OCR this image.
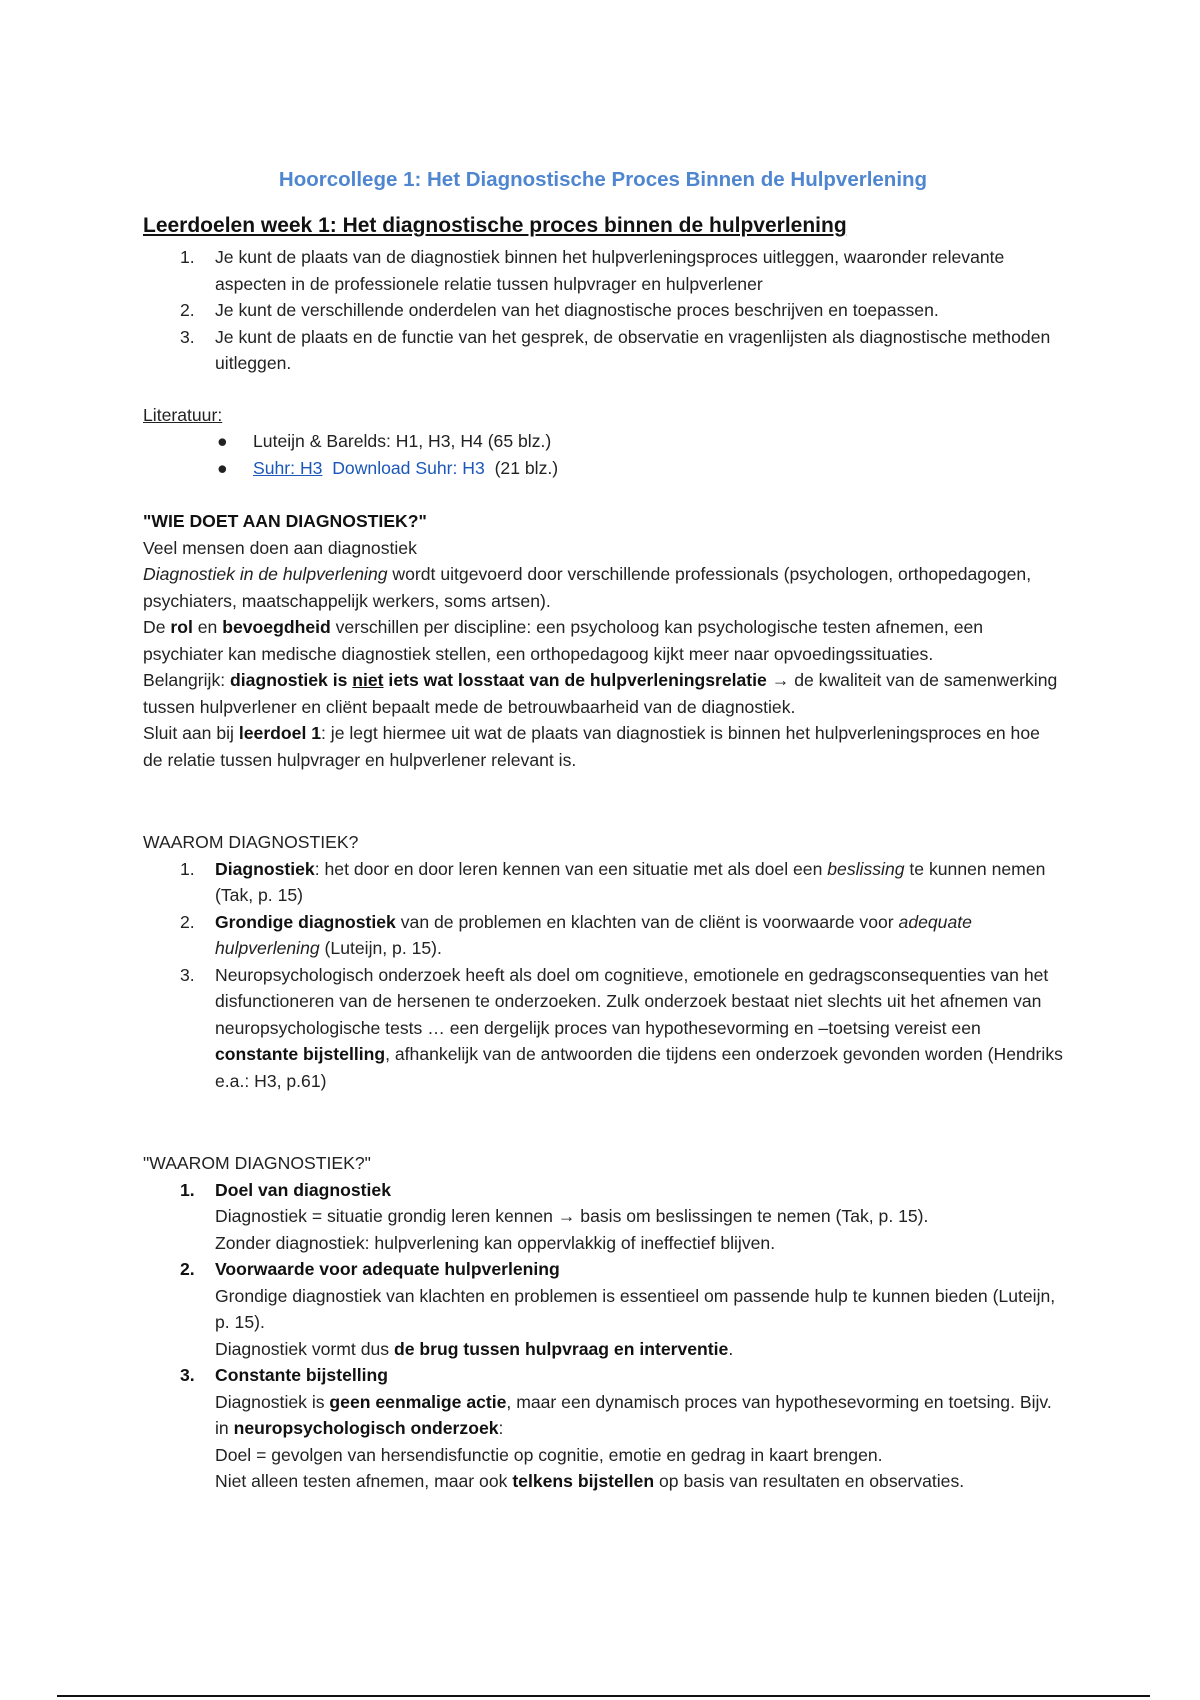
Hoorcollege 1: Het Diagnostische Proces Binnen de Hulpverlening
Leerdoelen week 1: Het diagnostische proces binnen de hulpverlening
1. Je kunt de plaats van de diagnostiek binnen het hulpverleningsproces uitleggen, waaronder relevante aspecten in de professionele relatie tussen hulpvrager en hulpverlener
2. Je kunt de verschillende onderdelen van het diagnostische proces beschrijven en toepassen.
3. Je kunt de plaats en de functie van het gesprek, de observatie en vragenlijsten als diagnostische methoden uitleggen.
Literatuur:
● Luteijn & Barelds: H1, H3, H4 (65 blz.)
● Suhr: H3 Download Suhr: H3 (21 blz.)
"WIE DOET AAN DIAGNOSTIEK?"
Veel mensen doen aan diagnostiek
Diagnostiek in de hulpverlening wordt uitgevoerd door verschillende professionals (psychologen, orthopedagogen, psychiaters, maatschappelijk werkers, soms artsen).
De rol en bevoegdheid verschillen per discipline: een psycholoog kan psychologische testen afnemen, een psychiater kan medische diagnostiek stellen, een orthopedagoog kijkt meer naar opvoedingssituaties.
Belangrijk: diagnostiek is niet iets wat losstaat van de hulpverleningsrelatie → de kwaliteit van de samenwerking tussen hulpverlener en cliënt bepaalt mede de betrouwbaarheid van de diagnostiek.
Sluit aan bij leerdoel 1: je legt hiermee uit wat de plaats van diagnostiek is binnen het hulpverleningsproces en hoe de relatie tussen hulpvrager en hulpverlener relevant is.
WAAROM DIAGNOSTIEK?
1. Diagnostiek: het door en door leren kennen van een situatie met als doel een beslissing te kunnen nemen (Tak, p. 15)
2. Grondige diagnostiek van de problemen en klachten van de cliënt is voorwaarde voor adequate hulpverlening (Luteijn, p. 15).
3. Neuropsychologisch onderzoek heeft als doel om cognitieve, emotionele en gedragsconsequenties van het disfunctioneren van de hersenen te onderzoeken. Zulk onderzoek bestaat niet slechts uit het afnemen van neuropsychologische tests … een dergelijk proces van hypothesevorming en –toetsing vereist een constante bijstelling, afhankelijk van de antwoorden die tijdens een onderzoek gevonden worden (Hendriks e.a.: H3, p.61)
"WAAROM DIAGNOSTIEK?"
1. Doel van diagnostiek
Diagnostiek = situatie grondig leren kennen → basis om beslissingen te nemen (Tak, p. 15).
Zonder diagnostiek: hulpverlening kan oppervlakkig of ineffectief blijven.
2. Voorwaarde voor adequate hulpverlening
Grondige diagnostiek van klachten en problemen is essentieel om passende hulp te kunnen bieden (Luteijn, p. 15).
Diagnostiek vormt dus de brug tussen hulpvraag en interventie.
3. Constante bijstelling
Diagnostiek is geen eenmalige actie, maar een dynamisch proces van hypothesevorming en toetsing. Bijv. in neuropsychologisch onderzoek:
Doel = gevolgen van hersendisfunctie op cognitie, emotie en gedrag in kaart brengen.
Niet alleen testen afnemen, maar ook telkens bijstellen op basis van resultaten en observaties.
